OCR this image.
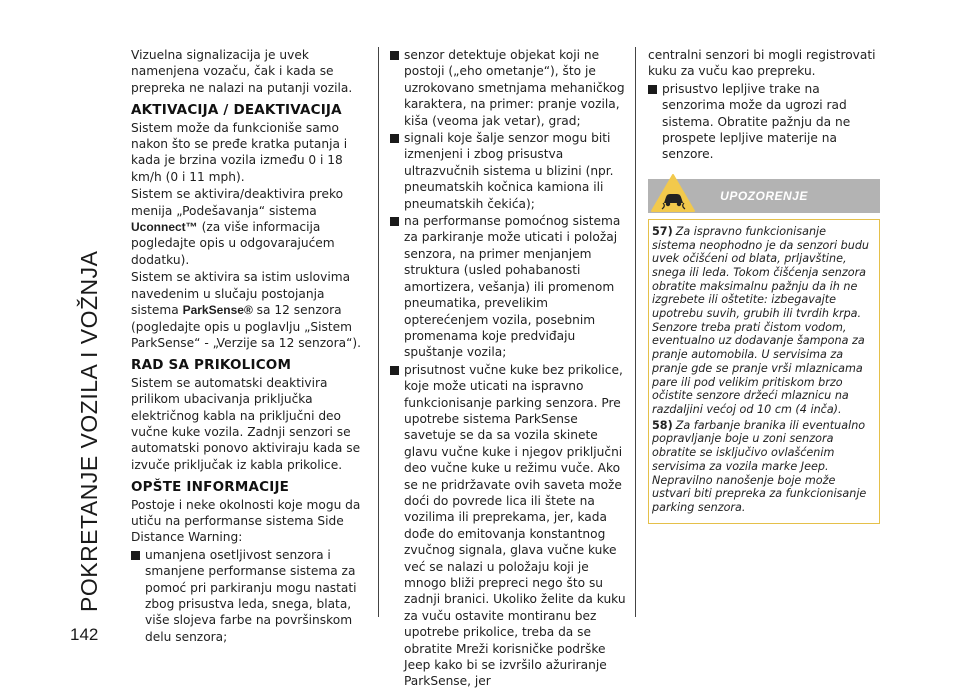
POKRETANJE VOZILA I VOŽNJA
142

Vizuelna signalizacija je uvek namenjena vozaču, čak i kada se prepreka ne nalazi na putanji vozila.

AKTIVACIJA / DEAKTIVACIJA

Sistem može da funkcioniše samo nakon što se pređe kratka putanja i kada je brzina vozila između 0 i 18 km/h (0 i 11 mph).

Sistem se aktivira/deaktivira preko menija „Podešavanja“ sistema Uconnect™ (za više informacija pogledajte opis u odgovarajućem dodatku).

Sistem se aktivira sa istim uslovima navedenim u slučaju postojanja sistema ParkSense® sa 12 senzora (pogledajte opis u poglavlju „Sistem ParkSense“ - „Verzije sa 12 senzora“).

RAD SA PRIKOLICOM

Sistem se automatski deaktivira prilikom ubacivanja priključka električnog kabla na priključni deo vučne kuke vozila. Zadnji senzori se automatski ponovo aktiviraju kada se izvuče priključak iz kabla prikolice.

OPŠTE INFORMACIJE

Postoje i neke okolnosti koje mogu da utiču na performanse sistema Side Distance Warning:

umanjena osetljivost senzora i smanjene performanse sistema za pomoć pri parkiranju mogu nastati zbog prisustva leda, snega, blata, više slojeva farbe na površinskom delu senzora;

senzor detektuje objekat koji ne postoji („eho ometanje“), što je uzrokovano smetnjama mehaničkog karaktera, na primer: pranje vozila, kiša (veoma jak vetar), grad;

signali koje šalje senzor mogu biti izmenjeni i zbog prisustva ultrazvučnih sistema u blizini (npr. pneumatskih kočnica kamiona ili pneumatskih čekića);

na performanse pomoćnog sistema za parkiranje može uticati i položaj senzora, na primer menjanjem struktura (usled pohabanosti amortizera, vešanja) ili promenom pneumatika, prevelikim opterećenjem vozila, posebnim promenama koje predviđaju spuštanje vozila;

prisutnost vučne kuke bez prikolice, koje može uticati na ispravno funkcionisanje parking senzora. Pre upotrebe sistema ParkSense savetuje se da sa vozila skinete glavu vučne kuke i njegov priključni deo vučne kuke u režimu vuče. Ako se ne pridržavate ovih saveta može doći do povrede lica ili štete na vozilima ili preprekama, jer, kada dođe do emitovanja konstantnog zvučnog signala, glava vučne kuke već se nalazi u položaju koji je mnogo bliži prepreci nego što su zadnji branici. Ukoliko želite da kuku za vuču ostavite montiranu bez upotrebe prikolice, treba da se obratite Mreži korisničke podrške Jeep kako bi se izvršilo ažuriranje ParkSense, jer

centralni senzori bi mogli registrovati kuku za vuču kao prepreku.

prisustvo lepljive trake na senzorima može da ugrozi rad sistema. Obratite pažnju da ne prospete lepljive materije na senzore.

UPOZORENJE

57) Za ispravno funkcionisanje sistema neophodno je da senzori budu uvek očišćeni od blata, prljavštine, snega ili leda. Tokom čišćenja senzora obratite maksimalnu pažnju da ih ne izgrebete ili oštetite: izbegavajte upotrebu suvih, grubih ili tvrdih krpa. Senzore treba prati čistom vodom, eventualno uz dodavanje šampona za pranje automobila. U servisima za pranje gde se pranje vrši mlaznicama pare ili pod velikim pritiskom brzo očistite senzore držeći mlaznicu na razdaljini većoj od 10 cm (4 inča).

58) Za farbanje branika ili eventualno popravljanje boje u zoni senzora obratite se isključivo ovlašćenim servisima za vozila marke Jeep. Nepravilno nanošenje boje može ustvari biti prepreka za funkcionisanje parking senzora.
